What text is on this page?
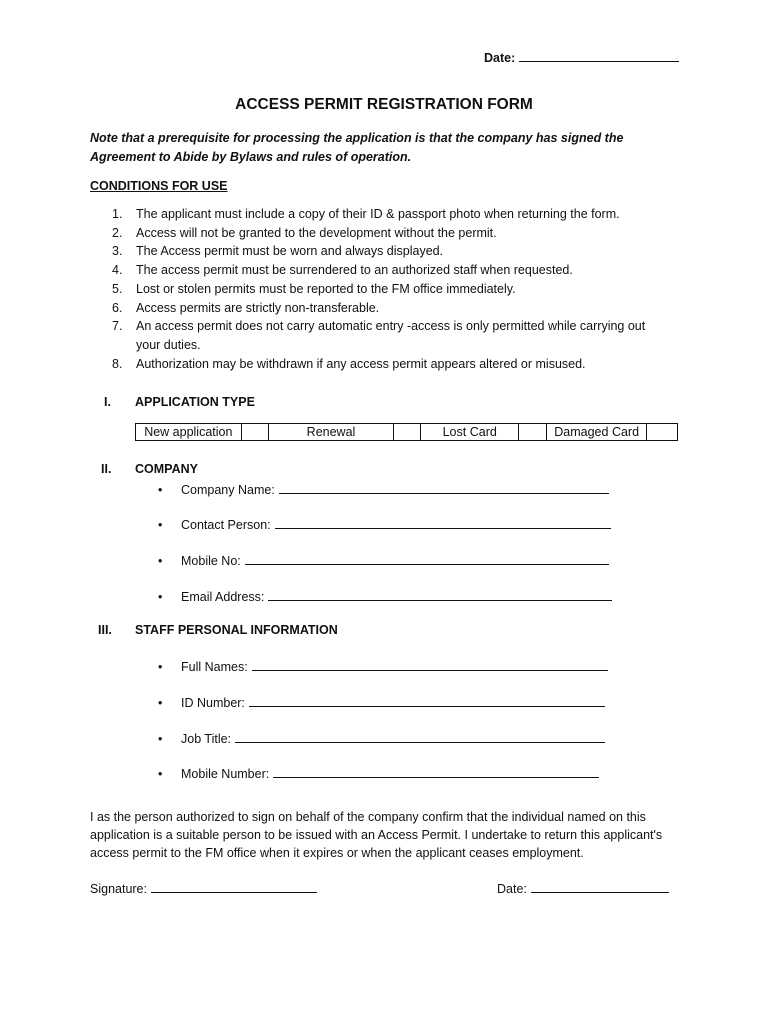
Date:
ACCESS PERMIT REGISTRATION FORM
Note that a prerequisite for processing the application is that the company has signed the Agreement to Abide by Bylaws and rules of operation.
CONDITIONS FOR USE
1. The applicant must include a copy of their ID & passport photo when returning the form.
2. Access will not be granted to the development without the permit.
3. The Access permit must be worn and always displayed.
4. The access permit must be surrendered to an authorized staff when requested.
5. Lost or stolen permits must be reported to the FM office immediately.
6. Access permits are strictly non-transferable.
7. An access permit does not carry automatic entry -access is only permitted while carrying out your duties.
8. Authorization may be withdrawn if any access permit appears altered or misused.
I. APPLICATION TYPE
New application		Renewal		Lost Card		Damaged Card	
II. COMPANY
• Company Name:
• Contact Person:
• Mobile No:
• Email Address:
III. STAFF PERSONAL INFORMATION
• Full Names:
• ID Number:
• Job Title:
• Mobile Number:
I as the person authorized to sign on behalf of the company confirm that the individual named on this application is a suitable person to be issued with an Access Permit. I undertake to return this applicant's access permit to the FM office when it expires or when the applicant ceases employment.
Signature:	Date:
